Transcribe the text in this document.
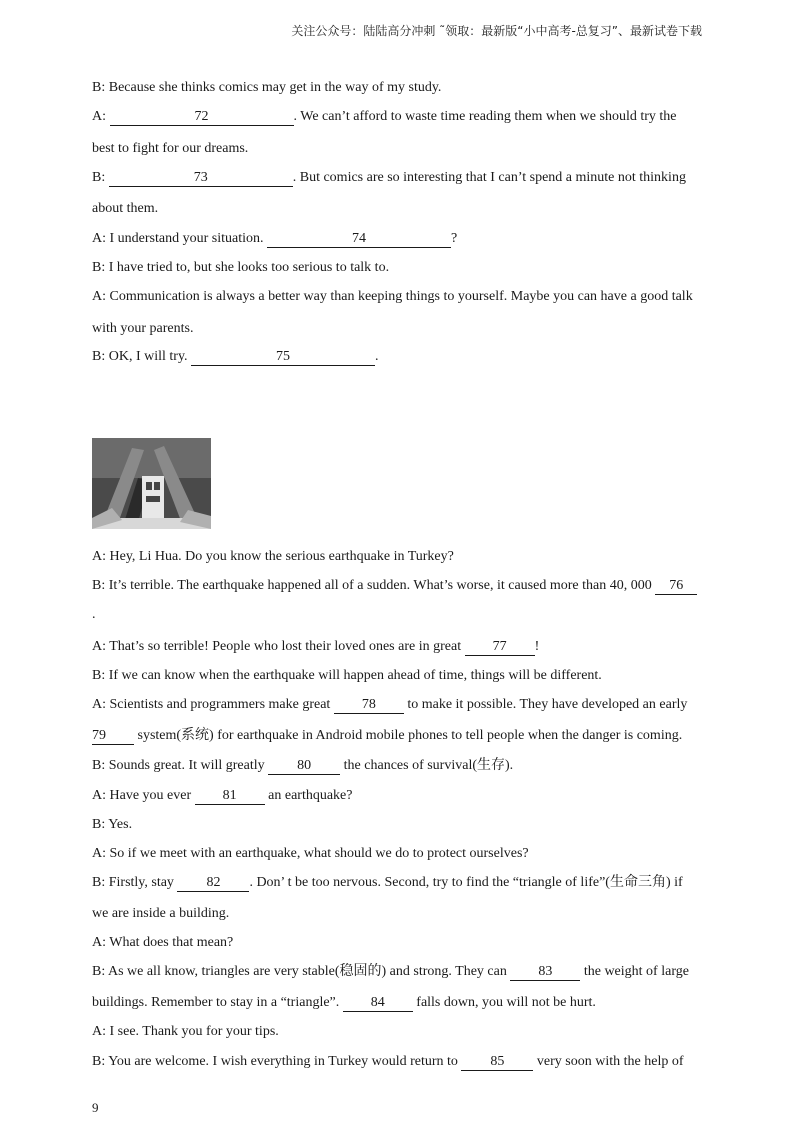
关注公众号：陆陆高分冲刺 ˜领取：最新版“小中高考-总复习”、最新试卷下载
B: Because she thinks comics may get in the way of my study.
A:	72	. We can’t afford to waste time reading them when we should try the
best to fight for our dreams.
B:	73	. But comics are so interesting that I can’t spend a minute not thinking
about them.
A: I understand your situation.	74	?
B: I have tried to, but she looks too serious to talk to.
A: Communication is always a better way than keeping things to yourself. Maybe you can have a good talk
with your parents.
B: OK, I will try.	75	.
A: Hey, Li Hua. Do you know the serious earthquake in Turkey?
B: It’s terrible. The earthquake happened all of a sudden. What’s worse, it caused more than 40, 000 76
.
A: That’s so terrible! People who lost their loved ones are in great 77 !
B: If we can know when the earthquake will happen ahead of time, things will be different.
A: Scientists and programmers make great 78 to make it possible. They have developed an early
79 system(系统) for earthquake in Android mobile phones to tell people when the danger is coming.
B: Sounds great. It will greatly 80 the chances of survival(生存).
A: Have you ever 81 an earthquake?
B: Yes.
A: So if we meet with an earthquake, what should we do to protect ourselves?
B: Firstly, stay 82 . Don’ t be too nervous. Second, try to find the “triangle of life”(生命三角) if
we are inside a building.
A: What does that mean?
B: As we all know, triangles are very stable(稳固的) and strong. They can 83 the weight of large
buildings. Remember to stay in a “triangle”. 84 falls down, you will not be hurt.
A: I see. Thank you for your tips.
B: You are welcome. I wish everything in Turkey would return to 85 very soon with the help of
9
